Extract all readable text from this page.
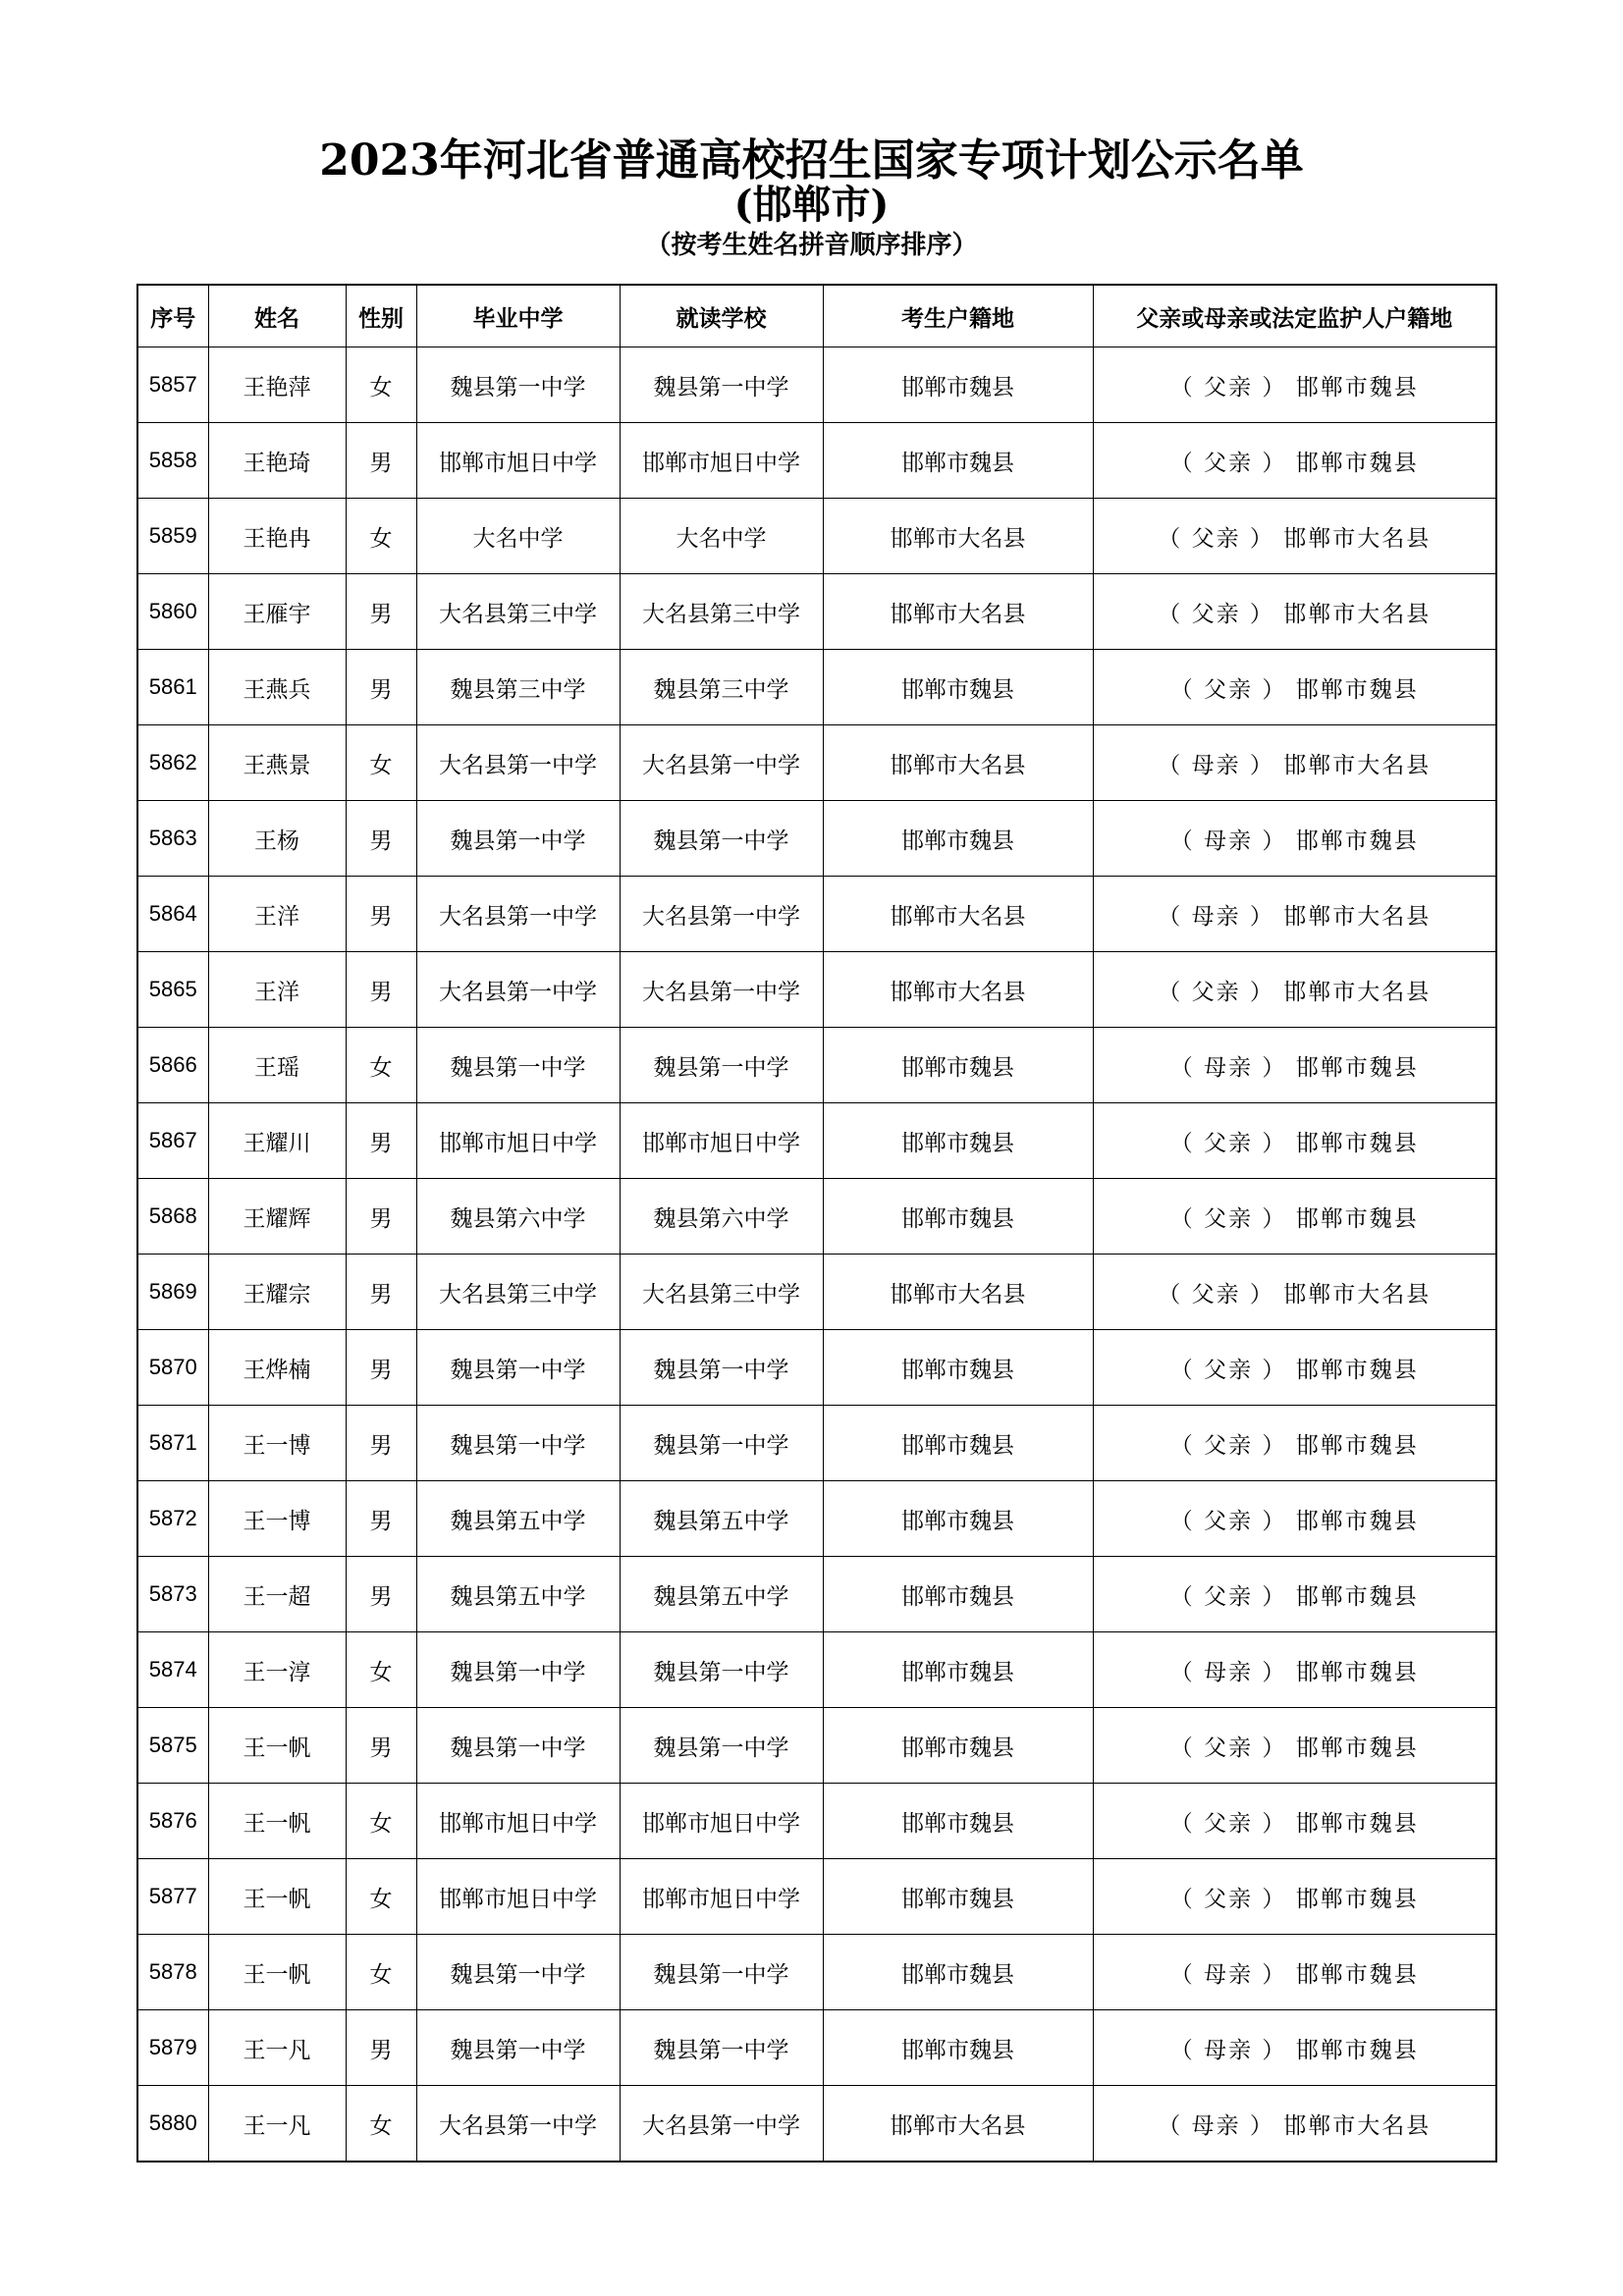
2023年河北省普通高校招生国家专项计划公示名单
(邯郸市)
（按考生姓名拼音顺序排序）
序号	姓名	性别	毕业中学	就读学校	考生户籍地	父亲或母亲或法定监护人户籍地
5857	王艳萍	女	魏县第一中学	魏县第一中学	邯郸市魏县	（ 父亲 ） 邯郸市魏县
5858	王艳琦	男	邯郸市旭日中学	邯郸市旭日中学	邯郸市魏县	（ 父亲 ） 邯郸市魏县
5859	王艳冉	女	大名中学	大名中学	邯郸市大名县	（ 父亲 ） 邯郸市大名县
5860	王雁宇	男	大名县第三中学	大名县第三中学	邯郸市大名县	（ 父亲 ） 邯郸市大名县
5861	王燕兵	男	魏县第三中学	魏县第三中学	邯郸市魏县	（ 父亲 ） 邯郸市魏县
5862	王燕景	女	大名县第一中学	大名县第一中学	邯郸市大名县	（ 母亲 ） 邯郸市大名县
5863	王杨	男	魏县第一中学	魏县第一中学	邯郸市魏县	（ 母亲 ） 邯郸市魏县
5864	王洋	男	大名县第一中学	大名县第一中学	邯郸市大名县	（ 母亲 ） 邯郸市大名县
5865	王洋	男	大名县第一中学	大名县第一中学	邯郸市大名县	（ 父亲 ） 邯郸市大名县
5866	王瑶	女	魏县第一中学	魏县第一中学	邯郸市魏县	（ 母亲 ） 邯郸市魏县
5867	王耀川	男	邯郸市旭日中学	邯郸市旭日中学	邯郸市魏县	（ 父亲 ） 邯郸市魏县
5868	王耀辉	男	魏县第六中学	魏县第六中学	邯郸市魏县	（ 父亲 ） 邯郸市魏县
5869	王耀宗	男	大名县第三中学	大名县第三中学	邯郸市大名县	（ 父亲 ） 邯郸市大名县
5870	王烨楠	男	魏县第一中学	魏县第一中学	邯郸市魏县	（ 父亲 ） 邯郸市魏县
5871	王一博	男	魏县第一中学	魏县第一中学	邯郸市魏县	（ 父亲 ） 邯郸市魏县
5872	王一博	男	魏县第五中学	魏县第五中学	邯郸市魏县	（ 父亲 ） 邯郸市魏县
5873	王一超	男	魏县第五中学	魏县第五中学	邯郸市魏县	（ 父亲 ） 邯郸市魏县
5874	王一淳	女	魏县第一中学	魏县第一中学	邯郸市魏县	（ 母亲 ） 邯郸市魏县
5875	王一帆	男	魏县第一中学	魏县第一中学	邯郸市魏县	（ 父亲 ） 邯郸市魏县
5876	王一帆	女	邯郸市旭日中学	邯郸市旭日中学	邯郸市魏县	（ 父亲 ） 邯郸市魏县
5877	王一帆	女	邯郸市旭日中学	邯郸市旭日中学	邯郸市魏县	（ 父亲 ） 邯郸市魏县
5878	王一帆	女	魏县第一中学	魏县第一中学	邯郸市魏县	（ 母亲 ） 邯郸市魏县
5879	王一凡	男	魏县第一中学	魏县第一中学	邯郸市魏县	（ 母亲 ） 邯郸市魏县
5880	王一凡	女	大名县第一中学	大名县第一中学	邯郸市大名县	（ 母亲 ） 邯郸市大名县
